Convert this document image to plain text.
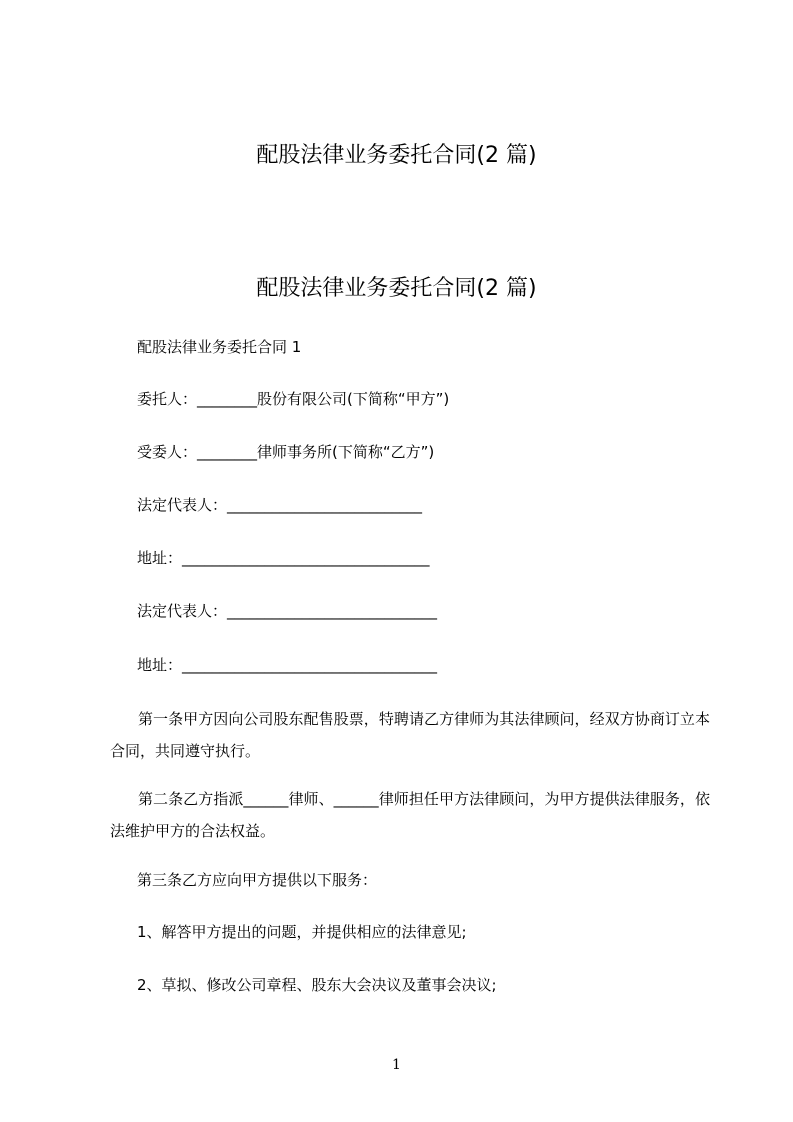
配股法律业务委托合同(2 篇)
配股法律业务委托合同(2 篇)
配股法律业务委托合同 1
委托人：________股份有限公司(下简称“甲方”)
受委人：________律师事务所(下简称“乙方”)
法定代表人：__________________________
地址：_________________________________
法定代表人：____________________________
地址：__________________________________
第一条甲方因向公司股东配售股票，特聘请乙方律师为其法律顾问，经双方协商订立本合同，共同遵守执行。
第二条乙方指派______律师、______律师担任甲方法律顾问，为甲方提供法律服务，依法维护甲方的合法权益。
第三条乙方应向甲方提供以下服务：
1、解答甲方提出的问题，并提供相应的法律意见;
2、草拟、修改公司章程、股东大会决议及董事会决议;
1
